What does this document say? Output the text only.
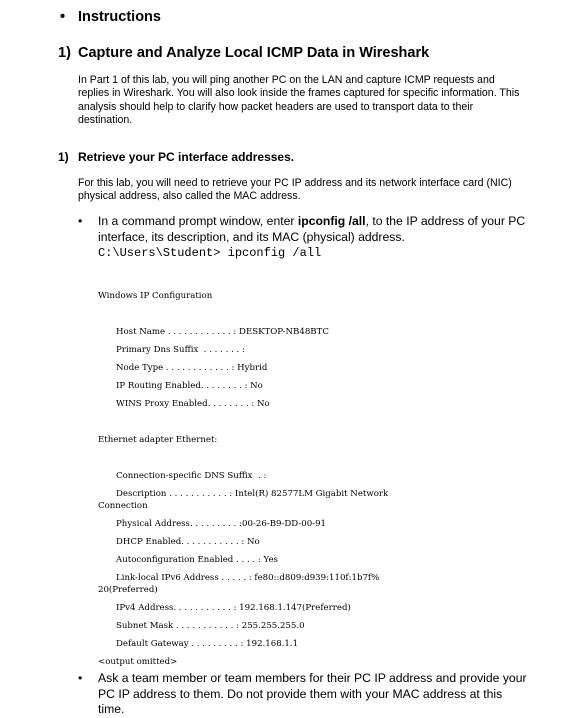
• Instructions
1) Capture and Analyze Local ICMP Data in Wireshark
In Part 1 of this lab, you will ping another PC on the LAN and capture ICMP requests and replies in Wireshark. You will also look inside the frames captured for specific information. This analysis should help to clarify how packet headers are used to transport data to their destination.
1) Retrieve your PC interface addresses.
For this lab, you will need to retrieve your PC IP address and its network interface card (NIC) physical address, also called the MAC address.
• In a command prompt window, enter ipconfig /all, to the IP address of your PC interface, its description, and its MAC (physical) address.
C:\Users\Student> ipconfig /all
Windows IP Configuration
Host Name . . . . . . . . . . . . : DESKTOP-NB48BTC
Primary Dns Suffix  . . . . . . . :
Node Type . . . . . . . . . . . . : Hybrid
IP Routing Enabled. . . . . . . . : No
WINS Proxy Enabled. . . . . . . . : No
Ethernet adapter Ethernet:
Connection-specific DNS Suffix  . :
Description . . . . . . . . . . . : Intel(R) 82577LM Gigabit Network
Connection
Physical Address. . . . . . . . . :00-26-B9-DD-00-91
DHCP Enabled. . . . . . . . . . . : No
Autoconfiguration Enabled . . . . : Yes
Link-local IPv6 Address . . . . . : fe80::d809:d939:110f:1b7f%
20(Preferred)
IPv4 Address. . . . . . . . . . . : 192.168.1.147(Preferred)
Subnet Mask . . . . . . . . . . . : 255.255.255.0
Default Gateway . . . . . . . . . : 192.168.1.1
<output omitted>
• Ask a team member or team members for their PC IP address and provide your PC IP address to them. Do not provide them with your MAC address at this time.
